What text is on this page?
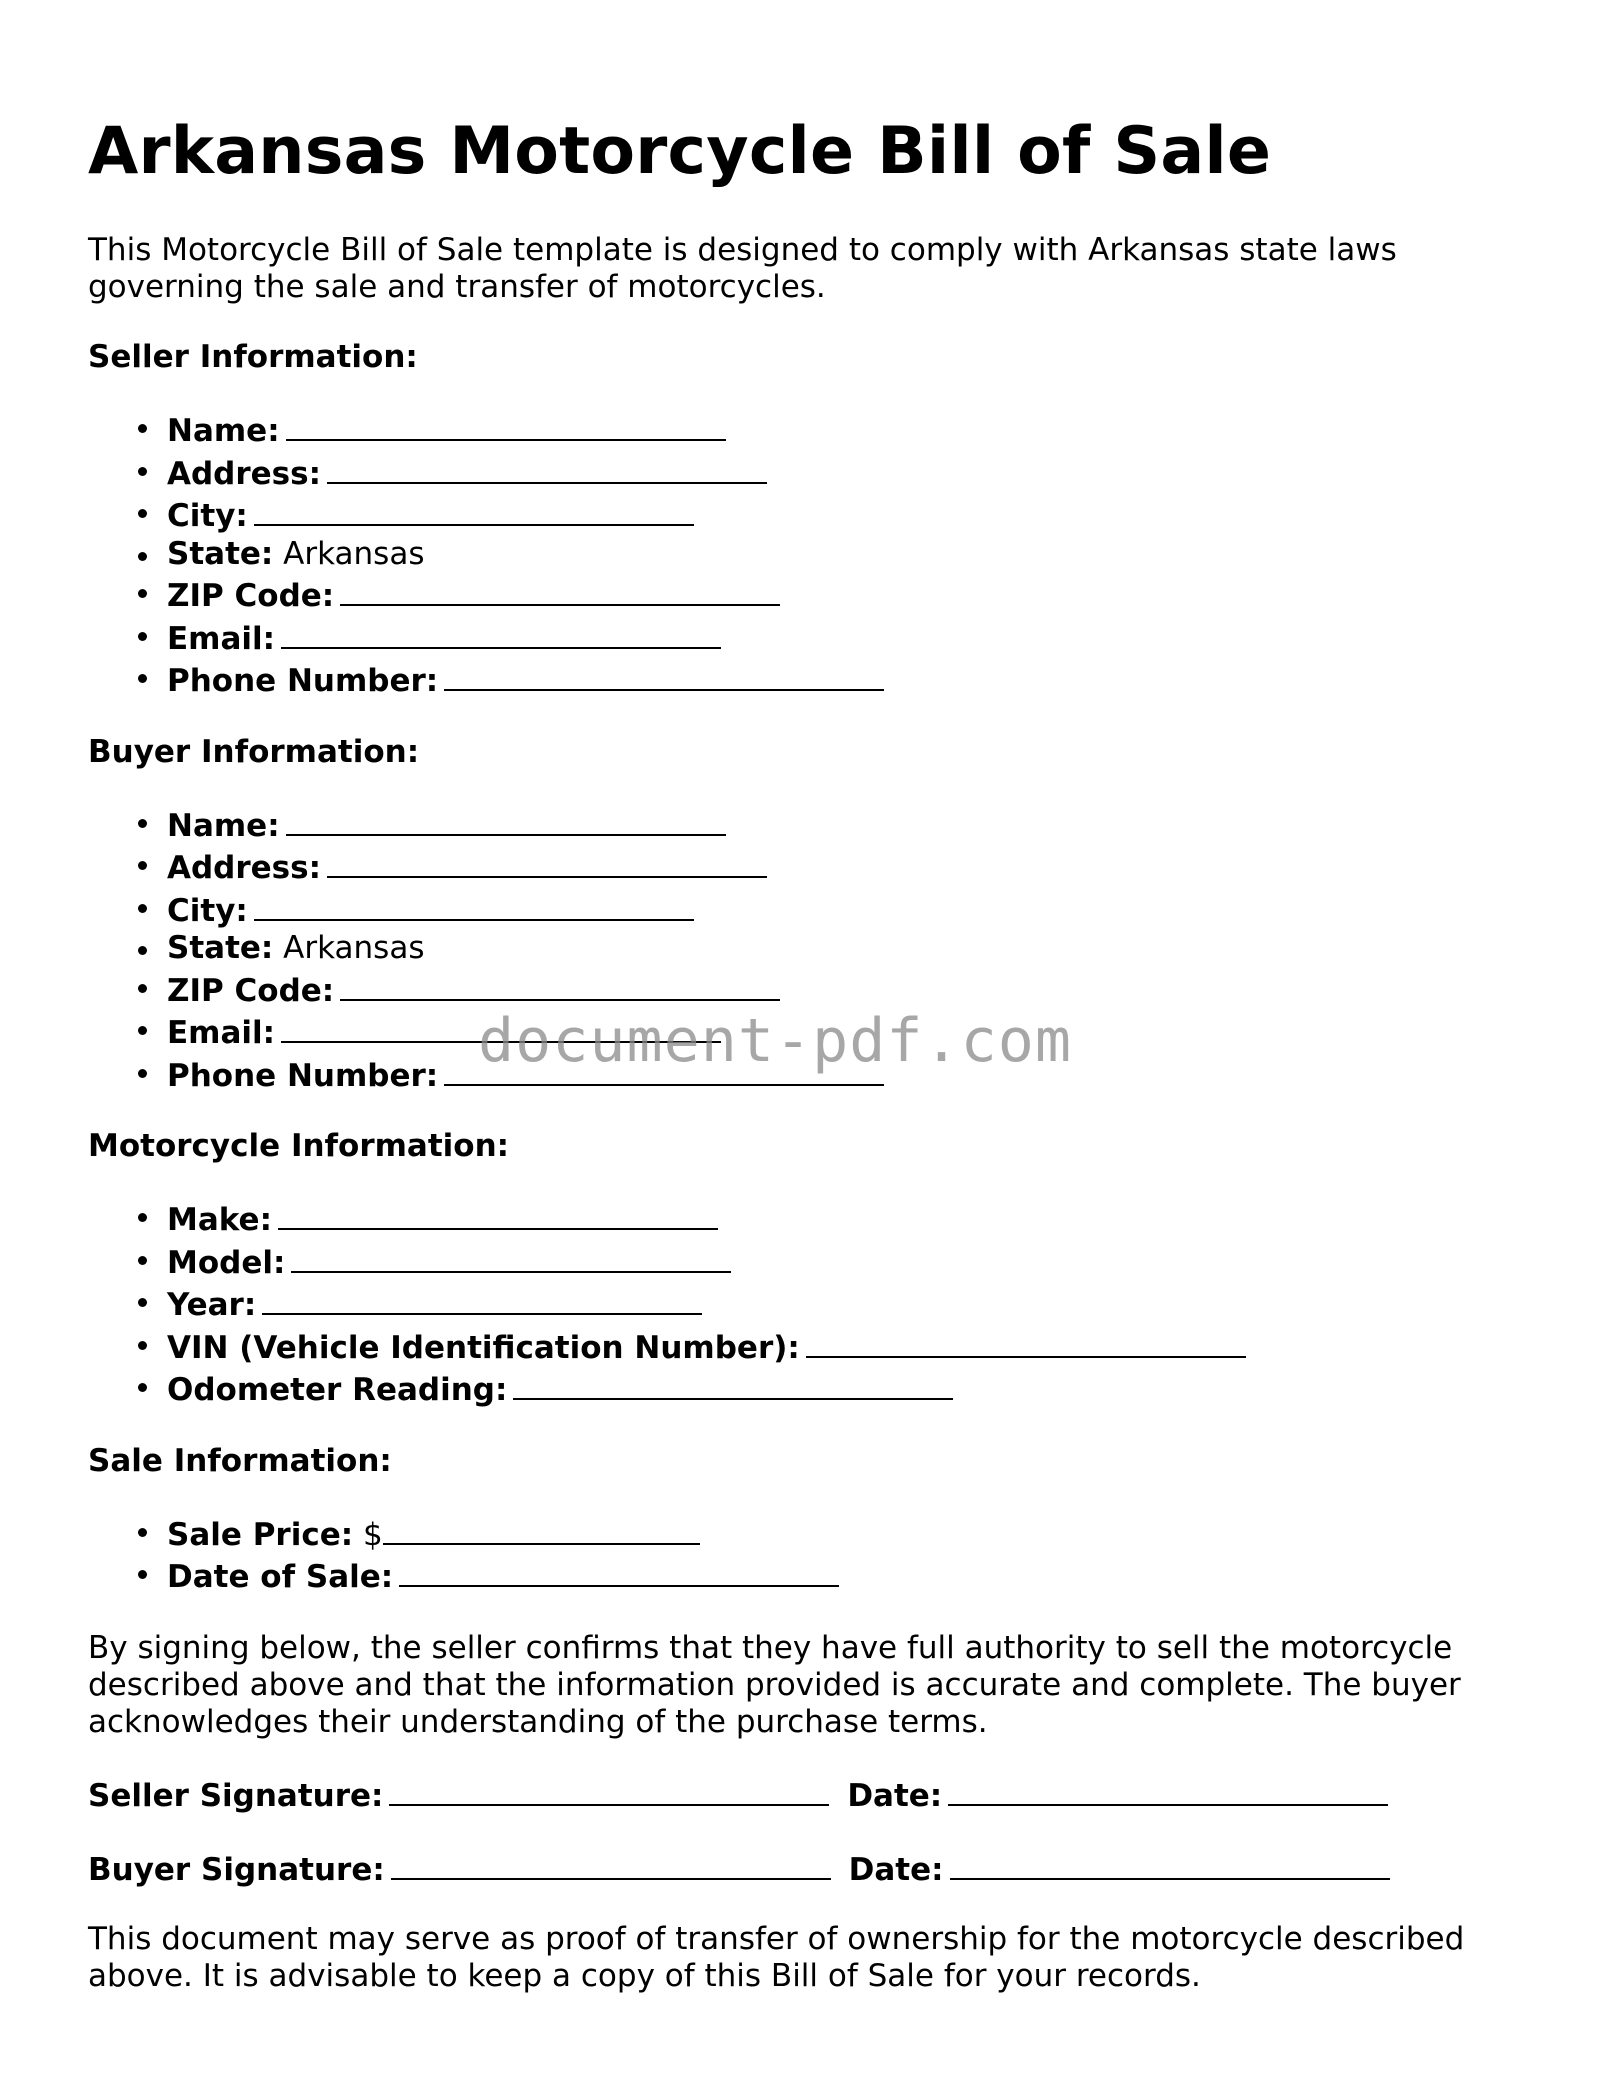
Arkansas Motorcycle Bill of Sale

This Motorcycle Bill of Sale template is designed to comply with Arkansas state laws governing the sale and transfer of motorcycles.

Seller Information:
Name:
Address:
City:
State: Arkansas
ZIP Code:
Email:
Phone Number:
Buyer Information:
Name:
Address:
City:
State: Arkansas
ZIP Code:
Email:
Phone Number:
Motorcycle Information:
Make:
Model:
Year:
VIN (Vehicle Identification Number):
Odometer Reading:
Sale Information:
Sale Price: $
Date of Sale:

By signing below, the seller confirms that they have full authority to sell the motorcycle described above and that the information provided is accurate and complete. The buyer acknowledges their understanding of the purchase terms.

Seller Signature:	Date:
Buyer Signature:	Date:

This document may serve as proof of transfer of ownership for the motorcycle described above. It is advisable to keep a copy of this Bill of Sale for your records.

document-pdf.com
